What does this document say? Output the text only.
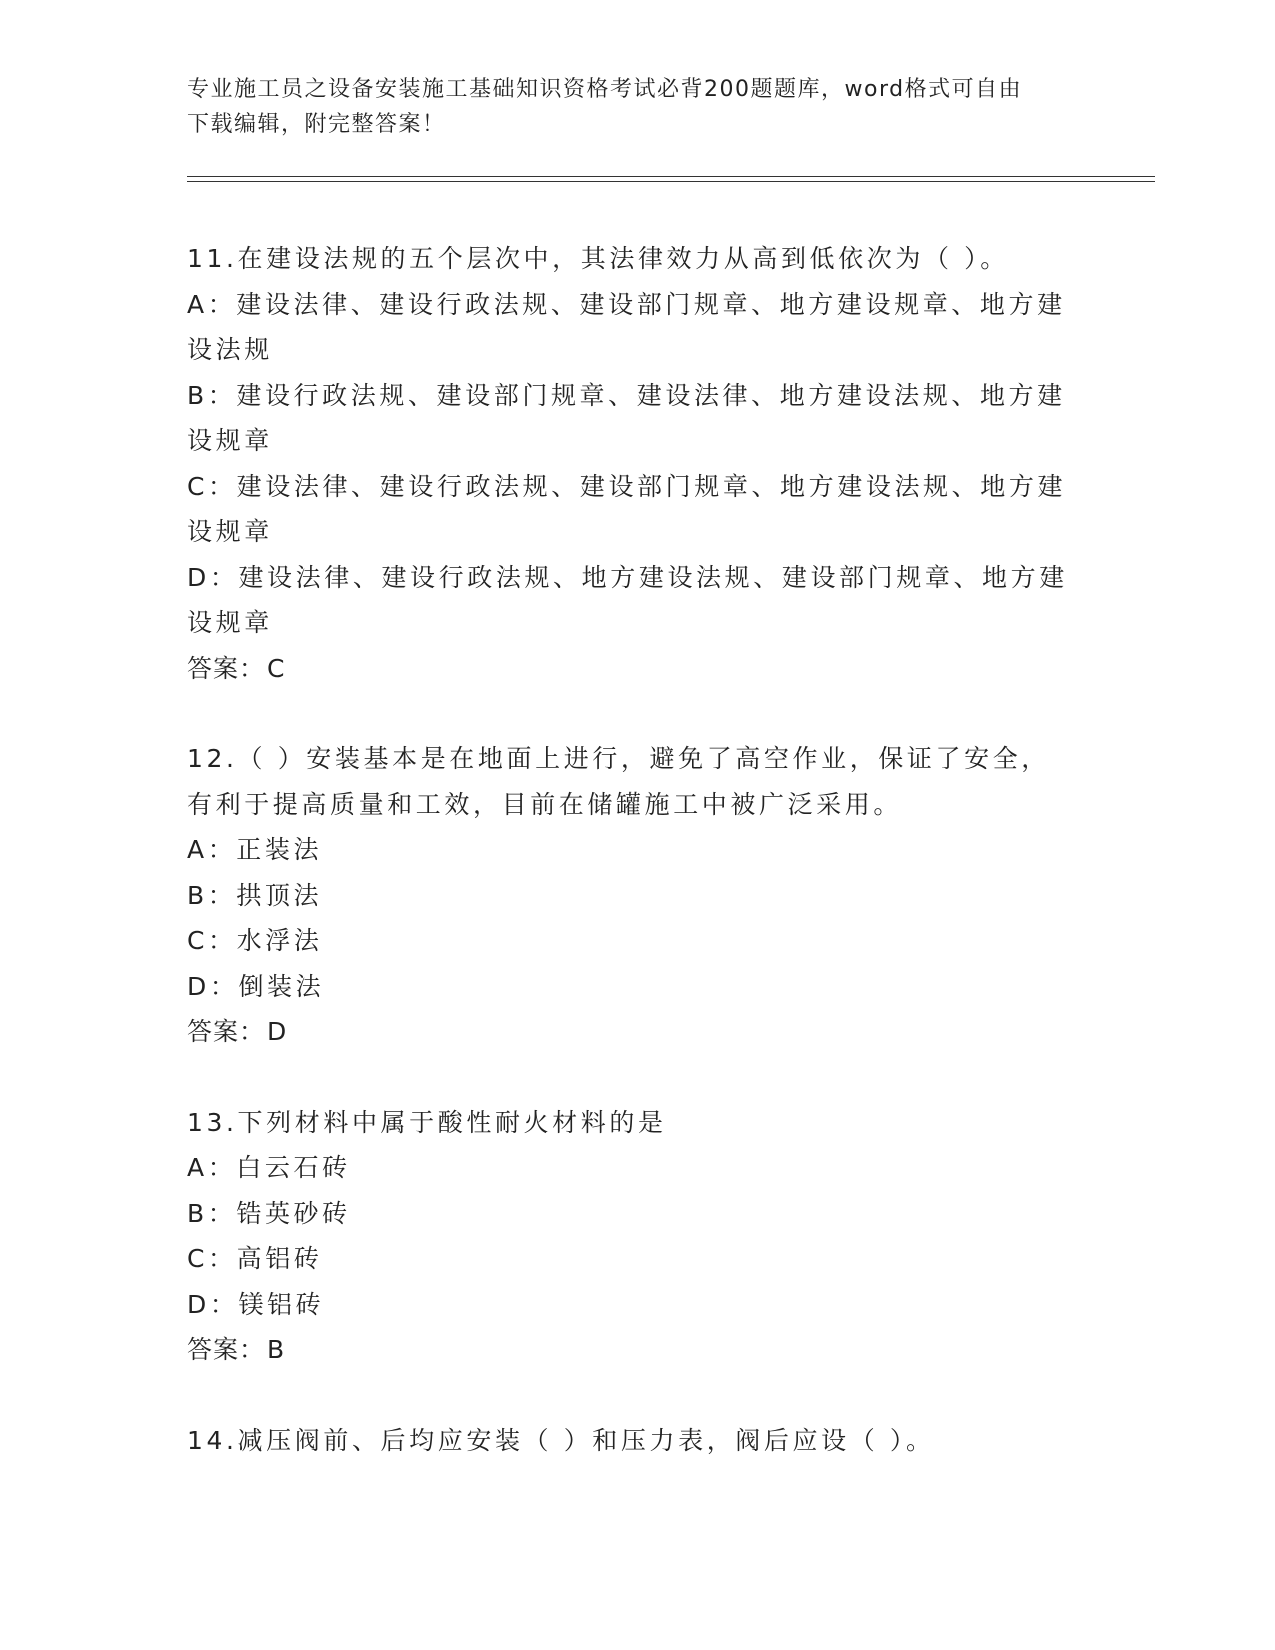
专业施工员之设备安装施工基础知识资格考试必背200题题库，word格式可自由
下载编辑，附完整答案！
11.在建设法规的五个层次中，其法律效力从高到低依次为（ ）。
A：建设法律、建设行政法规、建设部门规章、地方建设规章、地方建
设法规
B：建设行政法规、建设部门规章、建设法律、地方建设法规、地方建
设规章
C：建设法律、建设行政法规、建设部门规章、地方建设法规、地方建
设规章
D：建设法律、建设行政法规、地方建设法规、建设部门规章、地方建
设规章
答案：C
12.（ ）安装基本是在地面上进行，避免了高空作业，保证了安全，
有利于提高质量和工效，目前在储罐施工中被广泛采用。
A：正装法
B：拱顶法
C：水浮法
D：倒装法
答案：D
13.下列材料中属于酸性耐火材料的是
A：白云石砖
B：锆英砂砖
C：高铝砖
D：镁铝砖
答案：B
14.减压阀前、后均应安装（ ）和压力表，阀后应设（ ）。
